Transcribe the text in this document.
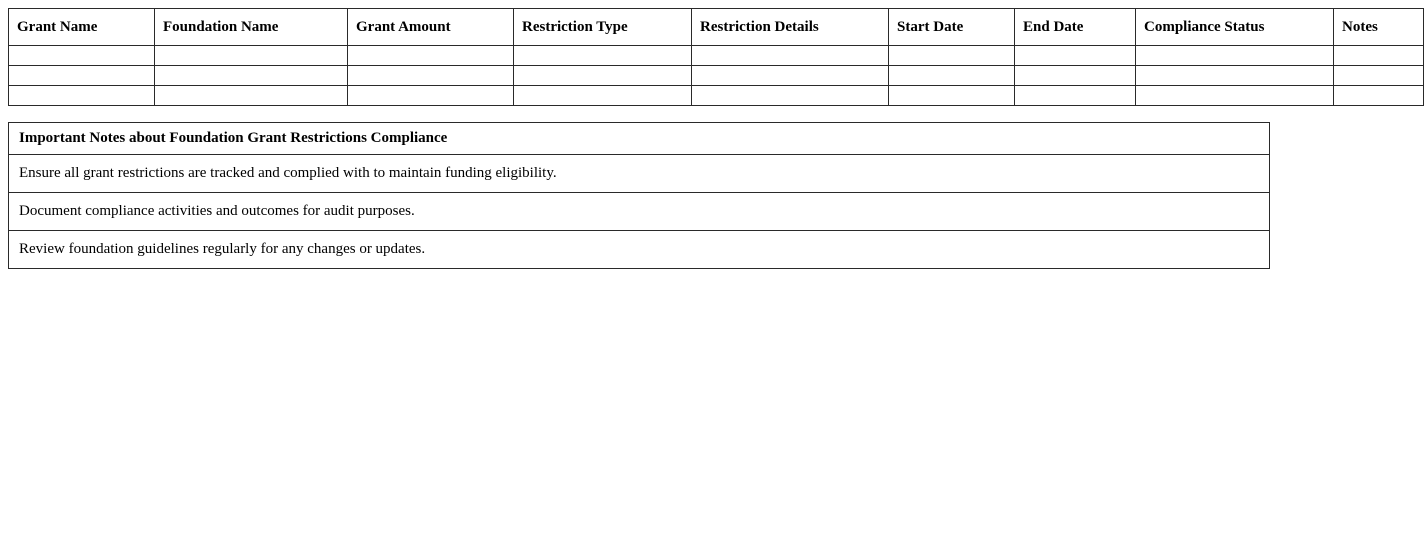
Grant Name	Foundation Name	Grant Amount	Restriction Type	Restriction Details	Start Date	End Date	Compliance Status	Notes

Important Notes about Foundation Grant Restrictions Compliance
Ensure all grant restrictions are tracked and complied with to maintain funding eligibility.
Document compliance activities and outcomes for audit purposes.
Review foundation guidelines regularly for any changes or updates.
